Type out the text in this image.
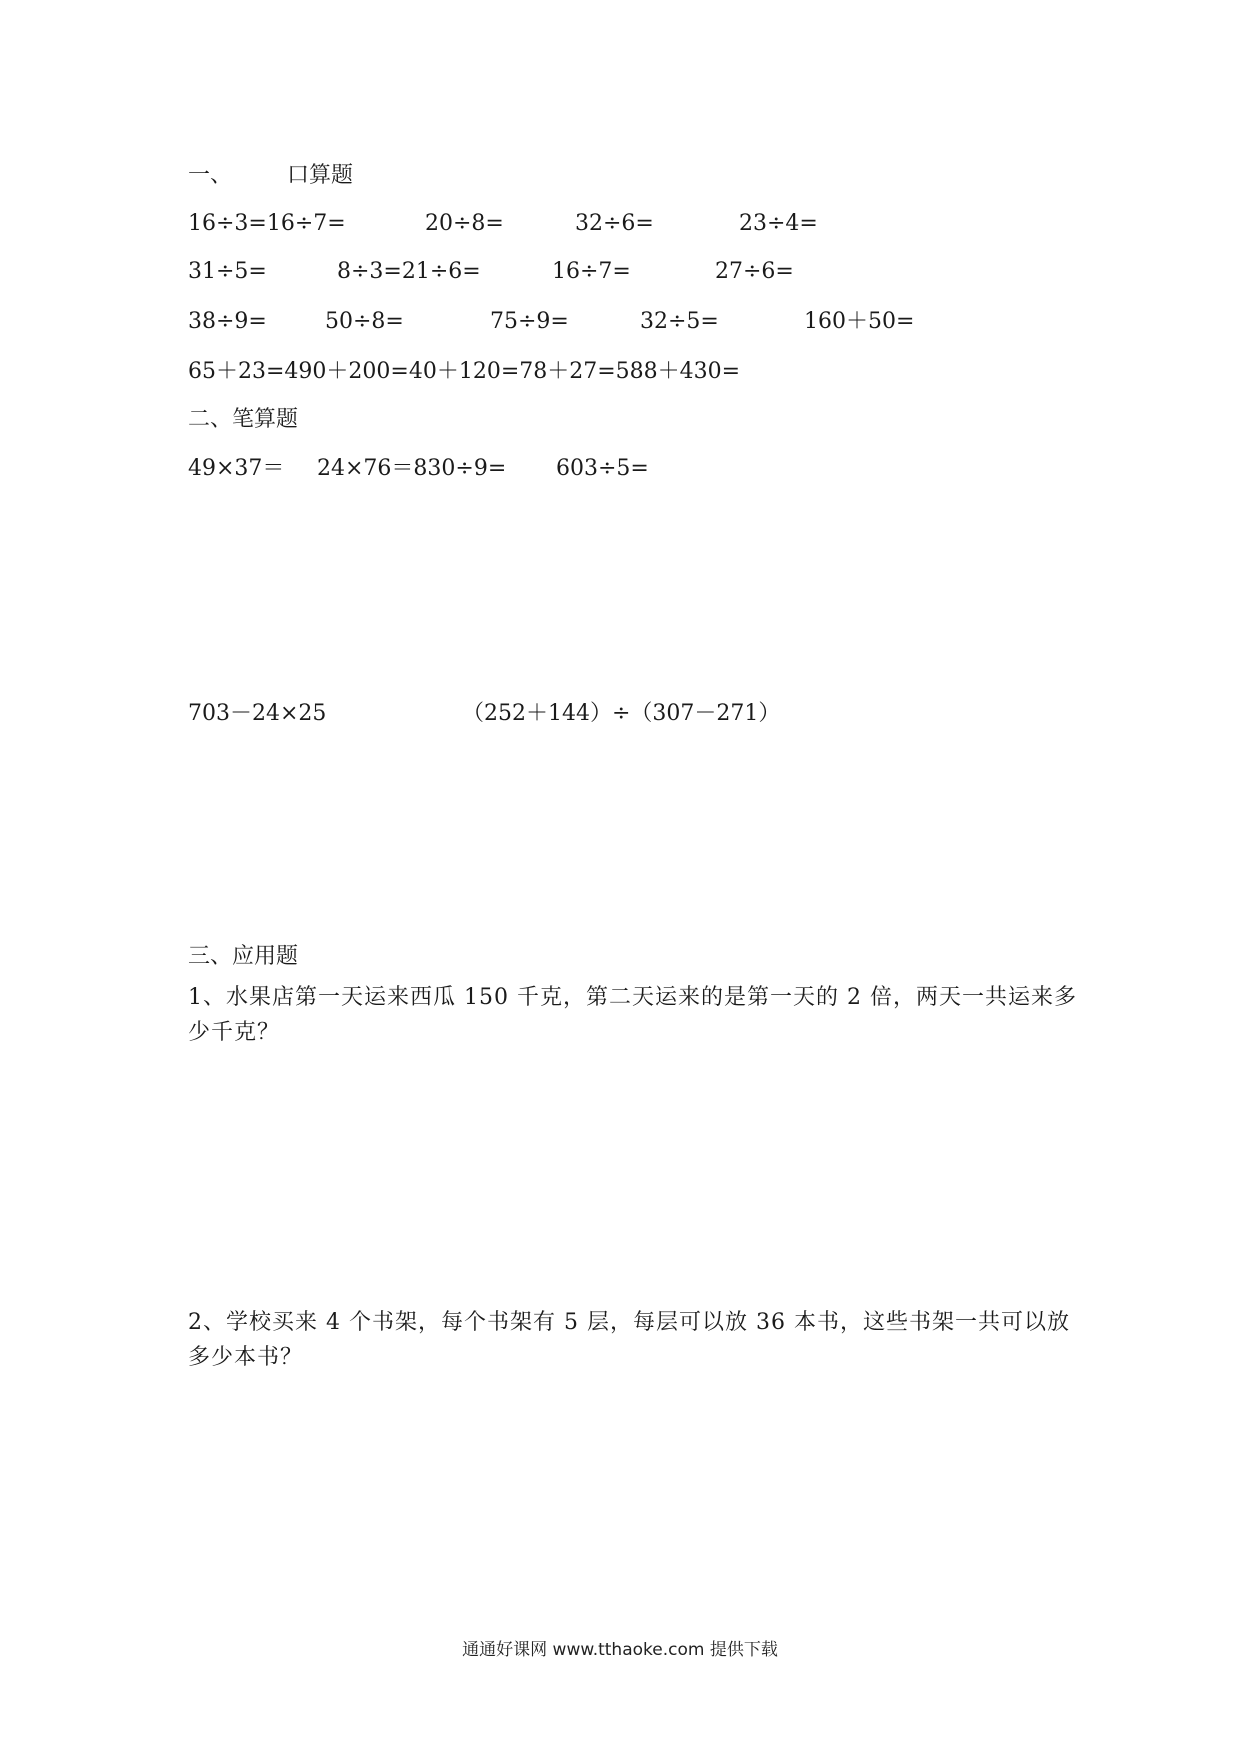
一、	口算题
16÷3=16÷7=	20÷8=	32÷6=	23÷4=
31÷5=	8÷3=21÷6=	16÷7=	27÷6=
38÷9=	50÷8=	75÷9=	32÷5=	160＋50=
65＋23=490＋200=40＋120=78＋27=588＋430=
二、笔算题
49×37＝ 24×76＝830÷9= 603÷5=
703－24×25	（252＋144）÷（307－271）
三、应用题
1、水果店第一天运来西瓜 150 千克，第二天运来的是第一天的 2 倍，两天一共运来多少千克？
2、学校买来 4 个书架，每个书架有 5 层，每层可以放 36 本书，这些书架一共可以放多少本书？
通通好课网 www.tthaoke.com 提供下载
